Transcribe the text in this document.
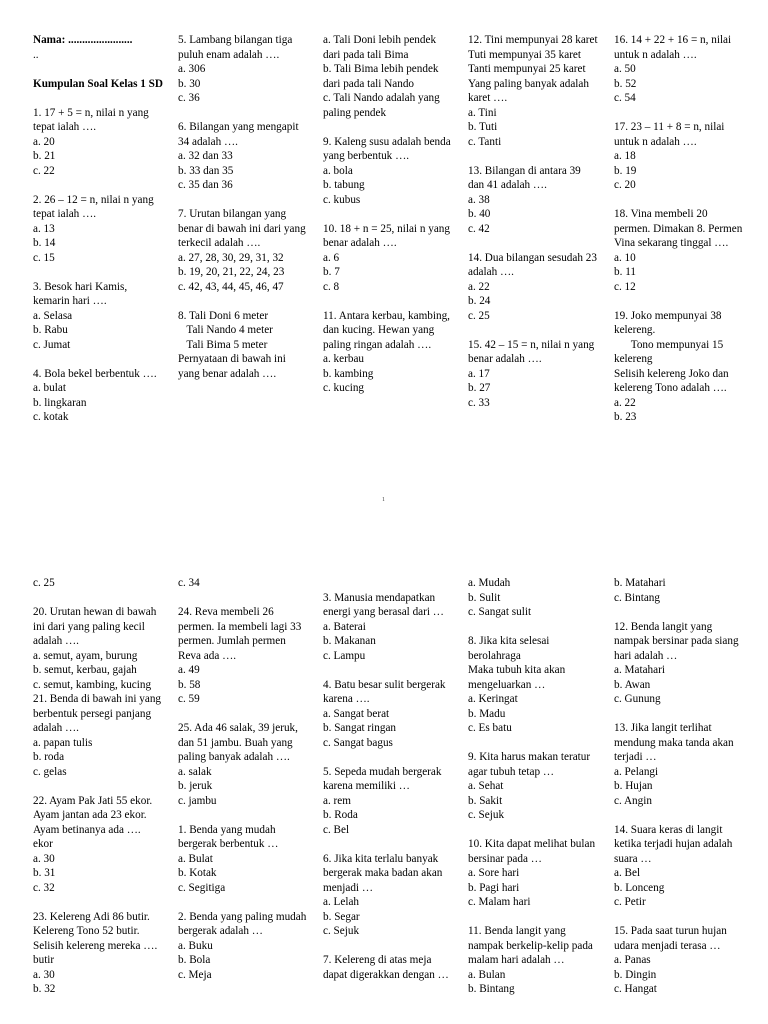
Nama: .......................
..
Kumpulan Soal Kelas 1 SD
1. 17 + 5 = n, nilai n yang tepat ialah ….
a. 20
b. 21
c. 22
2. 26 – 12 = n, nilai n yang tepat ialah ….
a. 13
b. 14
c. 15
3. Besok hari Kamis, kemarin hari ….
a. Selasa
b. Rabu
c. Jumat
4. Bola bekel berbentuk ….
a. bulat
b. lingkaran
c. kotak
5. Lambang bilangan tiga puluh enam adalah ….
a. 306
b. 30
c. 36
6. Bilangan yang mengapit 34 adalah ….
a. 32 dan 33
b. 33 dan 35
c. 35 dan 36
7. Urutan bilangan yang benar di bawah ini dari yang terkecil adalah ….
a. 27, 28, 30, 29, 31, 32
b. 19, 20, 21, 22, 24, 23
c. 42, 43, 44, 45, 46, 47
8. Tali Doni 6 meter
Tali Nando 4 meter
Tali Bima 5 meter
Pernyataan di bawah ini yang benar adalah ….
a. Tali Doni lebih pendek dari pada tali Bima
b. Tali Bima lebih pendek dari pada tali Nando
c. Tali Nando adalah yang paling pendek
9. Kaleng susu adalah benda yang berbentuk ….
a. bola
b. tabung
c. kubus
10. 18 + n = 25, nilai n yang benar adalah ….
a. 6
b. 7
c. 8
11. Antara kerbau, kambing, dan kucing. Hewan yang paling ringan adalah ….
a. kerbau
b. kambing
c. kucing
12. Tini mempunyai 28 karet
Tuti mempunyai 35 karet
Tanti mempunyai 25 karet
Yang paling banyak adalah karet ….
a. Tini
b. Tuti
c. Tanti
13. Bilangan di antara 39 dan 41 adalah ….
a. 38
b. 40
c. 42
14. Dua bilangan sesudah 23 adalah ….
a. 22
b. 24
c. 25
15. 42 – 15 = n, nilai n yang benar adalah ….
a. 17
b. 27
c. 33
16. 14 + 22 + 16 = n, nilai untuk n adalah ….
a. 50
b. 52
c. 54
17. 23 – 11 + 8 = n, nilai untuk n adalah ….
a. 18
b. 19
c. 20
18. Vina membeli 20 permen. Dimakan 8. Permen Vina sekarang tinggal ….
a. 10
b. 11
c. 12
19. Joko mempunyai 38 kelereng.
Tono mempunyai 15 kelereng
Selisih kelereng Joko dan kelereng Tono adalah ….
a. 22
b. 23
1
c. 25
20. Urutan hewan di bawah ini dari yang paling kecil adalah ….
a. semut, ayam, burung
b. semut, kerbau, gajah
c. semut, kambing, kucing
21. Benda di bawah ini yang berbentuk persegi panjang adalah ….
a. papan tulis
b. roda
c. gelas
22. Ayam Pak Jati 55 ekor. Ayam jantan ada 23 ekor. Ayam betinanya ada …. ekor
a. 30
b. 31
c. 32
23. Kelereng Adi 86 butir. Kelereng Tono 52 butir. Selisih kelereng mereka …. butir
a. 30
b. 32
c. 34
24. Reva membeli 26 permen. Ia membeli lagi 33 permen. Jumlah permen Reva ada ….
a. 49
b. 58
c. 59
25. Ada 46 salak, 39 jeruk, dan 51 jambu. Buah yang paling banyak adalah ….
a. salak
b. jeruk
c. jambu
1. Benda yang mudah bergerak berbentuk …
a. Bulat
b. Kotak
c. Segitiga
2. Benda yang paling mudah bergerak adalah …
a. Buku
b. Bola
c. Meja
3. Manusia mendapatkan energi yang berasal dari …
a. Baterai
b. Makanan
c. Lampu
4. Batu besar sulit bergerak karena ….
a. Sangat berat
b. Sangat ringan
c. Sangat bagus
5. Sepeda mudah bergerak karena memiliki …
a. rem
b. Roda
c. Bel
6. Jika kita terlalu banyak bergerak maka badan akan menjadi …
a. Lelah
b. Segar
c. Sejuk
7. Kelereng di atas meja dapat digerakkan dengan …
a. Mudah
b. Sulit
c. Sangat sulit
8. Jika kita selesai berolahraga
Maka tubuh kita akan mengeluarkan …
a. Keringat
b. Madu
c. Es batu
9. Kita harus makan teratur agar tubuh tetap …
a. Sehat
b. Sakit
c. Sejuk
10. Kita dapat melihat bulan bersinar pada …
a. Sore hari
b. Pagi hari
c. Malam hari
11. Benda langit yang nampak berkelip-kelip pada malam hari adalah …
a. Bulan
b. Bintang
b. Matahari
c. Bintang
12. Benda langit yang nampak bersinar pada siang hari adalah …
a. Matahari
b. Awan
c. Gunung
13. Jika langit terlihat mendung maka tanda akan terjadi …
a. Pelangi
b. Hujan
c. Angin
14. Suara keras di langit ketika terjadi hujan adalah suara …
a. Bel
b. Lonceng
c. Petir
15. Pada saat turun hujan udara menjadi terasa …
a. Panas
b. Dingin
c. Hangat
